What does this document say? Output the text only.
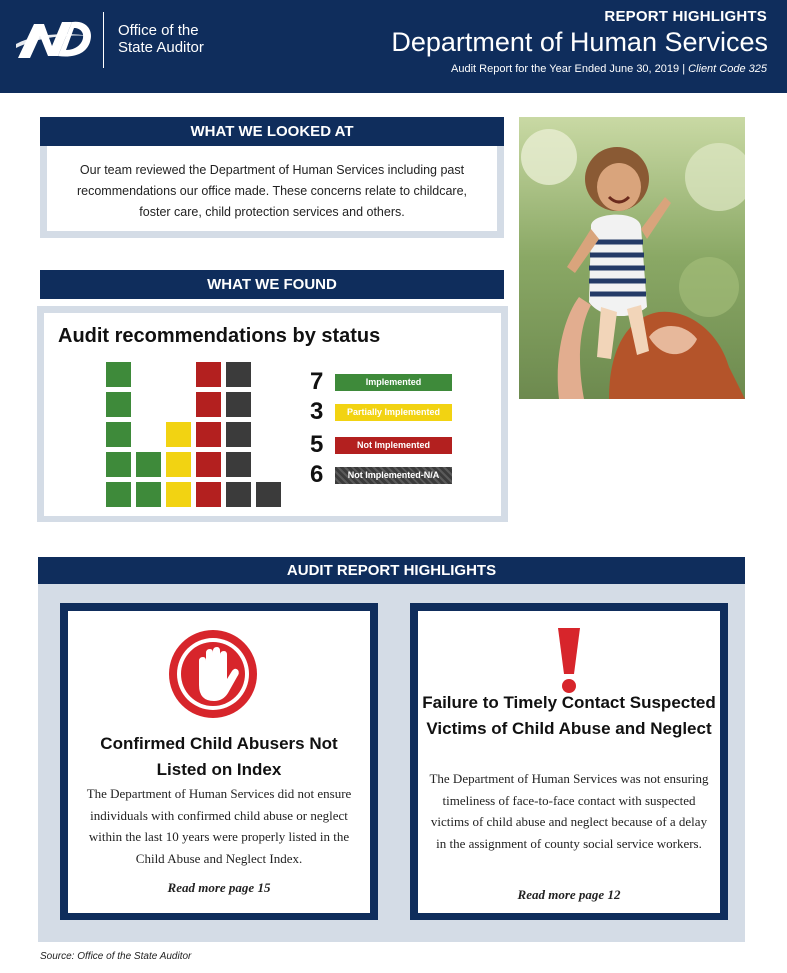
Office of the
State Auditor
REPORT HIGHLIGHTS
Department of Human Services
Audit Report for the Year Ended June 30, 2019 | Client Code 325
WHAT WE LOOKED AT
Our team reviewed the Department of Human Services including past recommendations our office made. These concerns relate to childcare, foster care, child protection services and others.
WHAT WE FOUND
Audit recommendations by status
7	Implemented
3	Partially Implemented
5	Not Implemented
6	Not Implemented-N/A
AUDIT REPORT HIGHLIGHTS
Confirmed Child Abusers Not Listed on Index
The Department of Human Services did not ensure individuals with confirmed child abuse or neglect within the last 10 years were properly listed in the Child Abuse and Neglect Index.
Read more page 15
Failure to Timely Contact Suspected Victims of Child Abuse and Neglect
The Department of Human Services was not ensuring timeliness of face-to-face contact with suspected victims of child abuse and neglect because of a delay in the assignment of county social service workers.
Read more page 12
Source: Office of the State Auditor
